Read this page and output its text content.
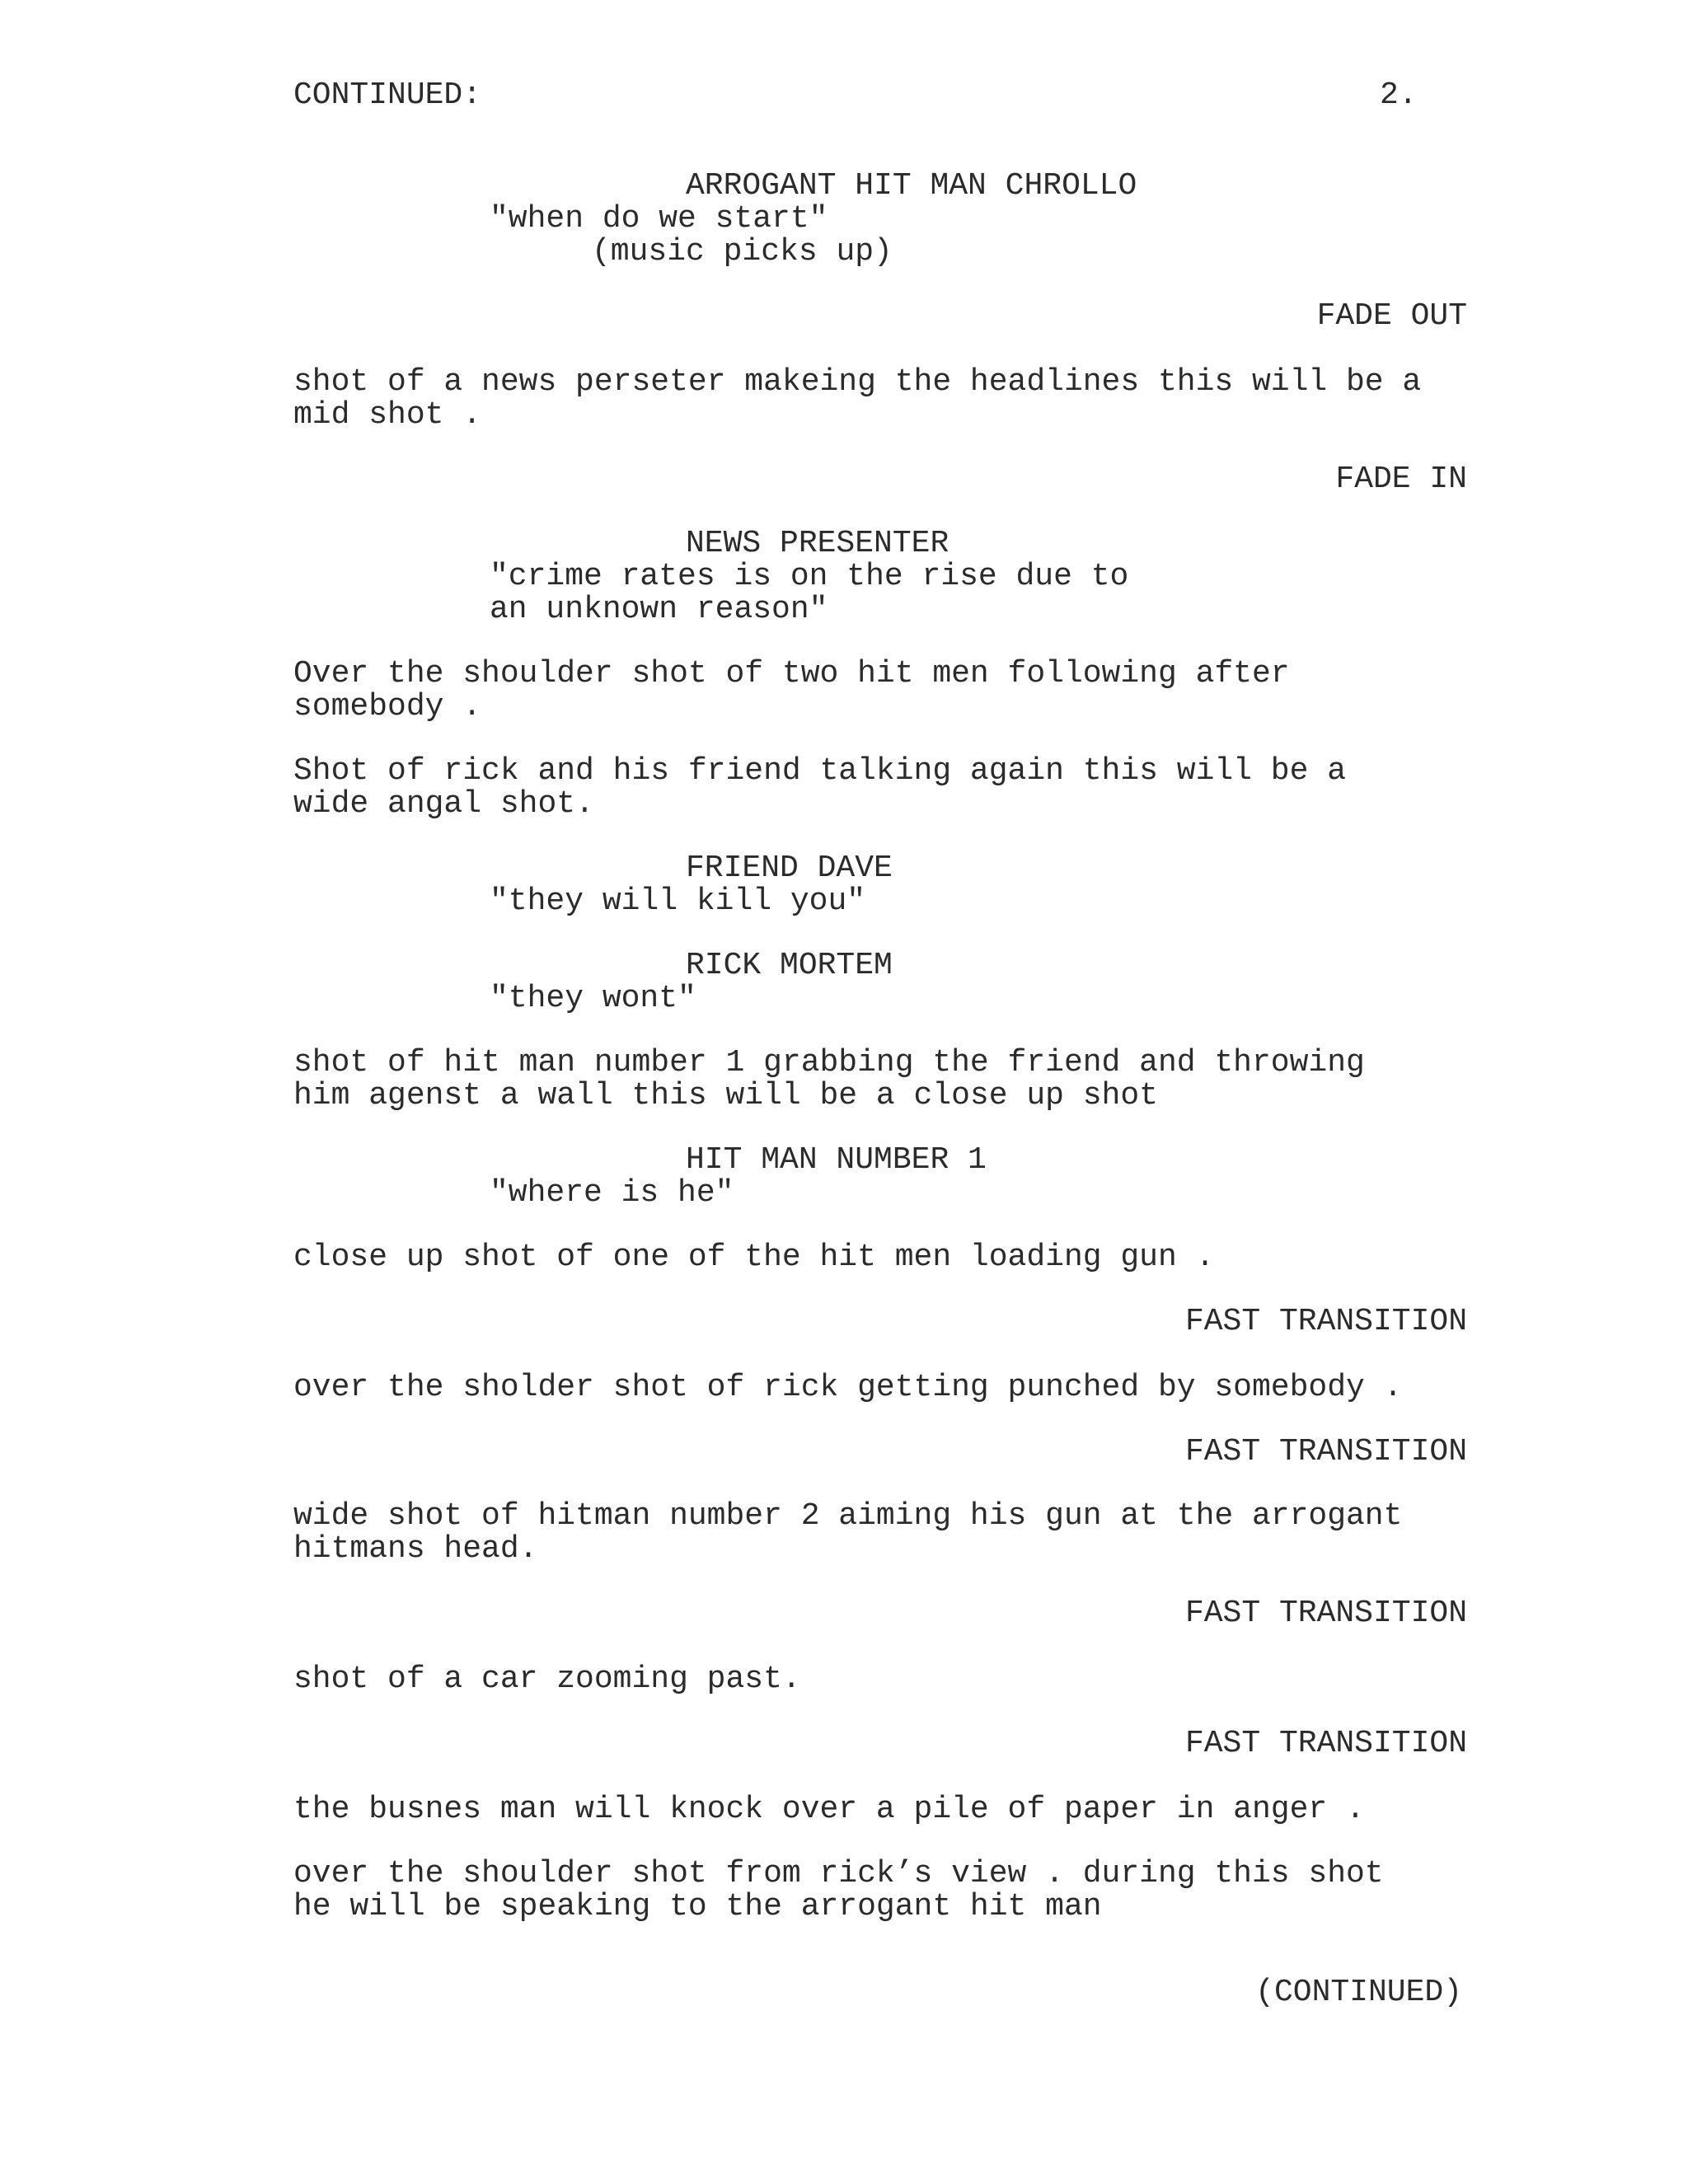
CONTINUED:	2.
ARROGANT HIT MAN CHROLLO
"when do we start"
(music picks up)
FADE OUT
shot of a news perseter makeing the headlines this will be a
mid shot .
FADE IN
NEWS PRESENTER
"crime rates is on the rise due to
an unknown reason"
Over the shoulder shot of two hit men following after
somebody .
Shot of rick and his friend talking again this will be a
wide angal shot.
FRIEND DAVE
"they will kill you"
RICK MORTEM
"they wont"
shot of hit man number 1 grabbing the friend and throwing
him agenst a wall this will be a close up shot
HIT MAN NUMBER 1
"where is he"
close up shot of one of the hit men loading gun .
FAST TRANSITION
over the sholder shot of rick getting punched by somebody .
FAST TRANSITION
wide shot of hitman number 2 aiming his gun at the arrogant
hitmans head.
FAST TRANSITION
shot of a car zooming past.
FAST TRANSITION
the busnes man will knock over a pile of paper in anger .
over the shoulder shot from rick’s view . during this shot
he will be speaking to the arrogant hit man
(CONTINUED)
